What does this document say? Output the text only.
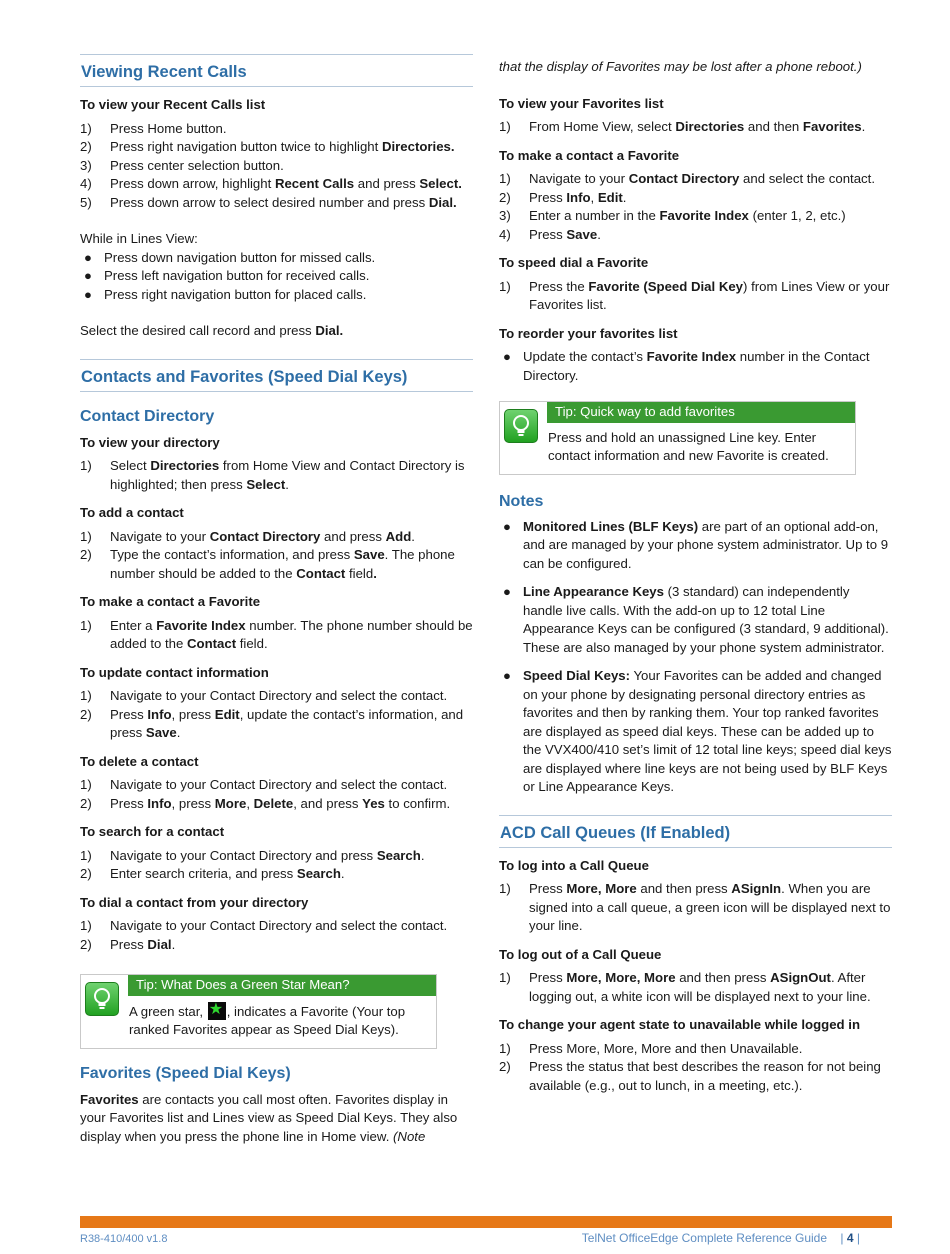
Viewing Recent Calls

To view your Recent Calls list

1) Press Home button.
2) Press right navigation button twice to highlight Directories.
3) Press center selection button.
4) Press down arrow, highlight Recent Calls and press Select.
5) Press down arrow to select desired number and press Dial.

While in Lines View:

● Press down navigation button for missed calls.
● Press left navigation button for received calls.
● Press right navigation button for placed calls.

Select the desired call record and press Dial.

Contacts and Favorites (Speed Dial Keys)
Contact Directory

To view your directory

1) Select Directories from Home View and Contact Directory is highlighted; then press Select.

To add a contact

1) Navigate to your Contact Directory and press Add.
2) Type the contact’s information, and press Save. The phone number should be added to the Contact field.

To make a contact a Favorite

1) Enter a Favorite Index number. The phone number should be added to the Contact field.

To update contact information

1) Navigate to your Contact Directory and select the contact.
2) Press Info, press Edit, update the contact’s information, and press Save.

To delete a contact

1) Navigate to your Contact Directory and select the contact.
2) Press Info, press More, Delete, and press Yes to confirm.

To search for a contact

1) Navigate to your Contact Directory and press Search.
2) Enter search criteria, and press Search.

To dial a contact from your directory

1) Navigate to your Contact Directory and select the contact.
2) Press Dial.
Tip: What Does a Green Star Mean?
A green star, ★ , indicates a Favorite (Your top ranked Favorites appear as Speed Dial Keys).
Favorites (Speed Dial Keys)

Favorites are contacts you call most often. Favorites display in your Favorites list and Lines view as Speed Dial Keys. They also display when you press the phone line in Home view. (Note

that the display of Favorites may be lost after a phone reboot.)

To view your Favorites list

1) From Home View, select Directories and then Favorites.

To make a contact a Favorite

1) Navigate to your Contact Directory and select the contact.
2) Press Info, Edit.
3) Enter a number in the Favorite Index (enter 1, 2, etc.)
4) Press Save.

To speed dial a Favorite

1) Press the Favorite (Speed Dial Key) from Lines View or your Favorites list.

To reorder your favorites list

● Update the contact’s Favorite Index number in the Contact Directory.
Tip: Quick way to add favorites
Press and hold an unassigned Line key. Enter contact information and new Favorite is created.
Notes
● Monitored Lines (BLF Keys) are part of an optional add-on, and are managed by your phone system administrator. Up to 9 can be configured.
● Line Appearance Keys (3 standard) can independently handle live calls. With the add-on up to 12 total Line Appearance Keys can be configured (3 standard, 9 additional). These are also managed by your phone system administrator.
● Speed Dial Keys: Your Favorites can be added and changed on your phone by designating personal directory entries as favorites and then by ranking them. Your top ranked favorites are displayed as speed dial keys. These can be added up to the VVX400/410 set’s limit of 12 total line keys; speed dial keys are displayed where line keys are not being used by BLF Keys or Line Appearance Keys.
ACD Call Queues (If Enabled)

To log into a Call Queue

1) Press More, More and then press ASignIn. When you are signed into a call queue, a green icon will be displayed next to your line.

To log out of a Call Queue

1) Press More, More, More and then press ASignOut. After logging out, a white icon will be displayed next to your line.

To change your agent state to unavailable while logged in

1) Press More, More, More and then Unavailable.
2) Press the status that best describes the reason for not being available (e.g., out to lunch, in a meeting, etc.).
R38-410/400 v1.8	TelNet OfficeEdge Complete Reference Guide | 4 |
